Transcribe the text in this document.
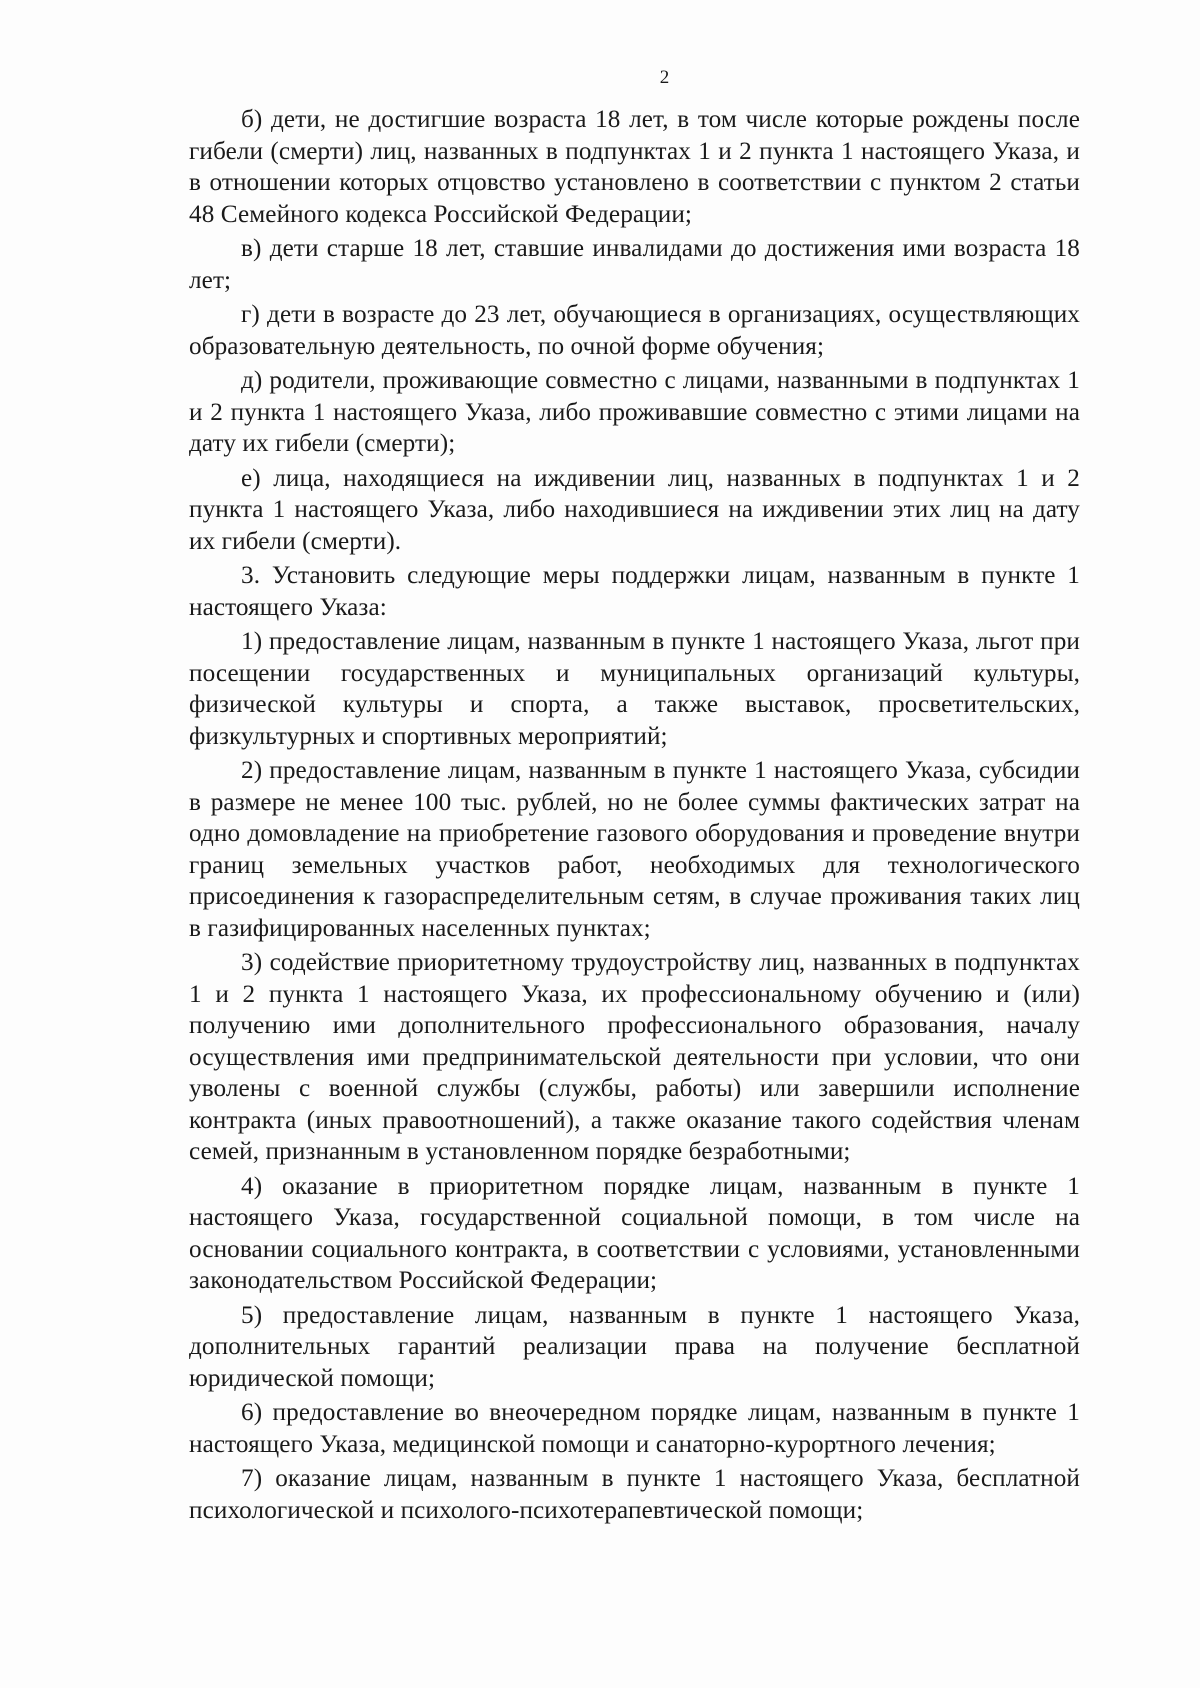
2

б) дети, не достигшие возраста 18 лет, в том числе которые рождены после гибели (смерти) лиц, названных в подпунктах 1 и 2 пункта 1 настоящего Указа, и в отношении которых отцовство установлено в соответствии с пунктом 2 статьи 48 Семейного кодекса Российской Федерации;

в) дети старше 18 лет, ставшие инвалидами до достижения ими возраста 18 лет;

г) дети в возрасте до 23 лет, обучающиеся в организациях, осуществляющих образовательную деятельность, по очной форме обучения;

д) родители, проживающие совместно с лицами, названными в подпунктах 1 и 2 пункта 1 настоящего Указа, либо проживавшие совместно с этими лицами на дату их гибели (смерти);

е) лица, находящиеся на иждивении лиц, названных в подпунктах 1 и 2 пункта 1 настоящего Указа, либо находившиеся на иждивении этих лиц на дату их гибели (смерти).

3. Установить следующие меры поддержки лицам, названным в пункте 1 настоящего Указа:

1) предоставление лицам, названным в пункте 1 настоящего Указа, льгот при посещении государственных и муниципальных организаций культуры, физической культуры и спорта, а также выставок, просветительских, физкультурных и спортивных мероприятий;

2) предоставление лицам, названным в пункте 1 настоящего Указа, субсидии в размере не менее 100 тыс. рублей, но не более суммы фактических затрат на одно домовладение на приобретение газового оборудования и проведение внутри границ земельных участков работ, необходимых для технологического присоединения к газораспределительным сетям, в случае проживания таких лиц в газифицированных населенных пунктах;

3) содействие приоритетному трудоустройству лиц, названных в подпунктах 1 и 2 пункта 1 настоящего Указа, их профессиональному обучению и (или) получению ими дополнительного профессионального образования, началу осуществления ими предпринимательской деятельности при условии, что они уволены с военной службы (службы, работы) или завершили исполнение контракта (иных правоотношений), а также оказание такого содействия членам семей, признанным в установленном порядке безработными;

4) оказание в приоритетном порядке лицам, названным в пункте 1 настоящего Указа, государственной социальной помощи, в том числе на основании социального контракта, в соответствии с условиями, установленными законодательством Российской Федерации;

5) предоставление лицам, названным в пункте 1 настоящего Указа, дополнительных гарантий реализации права на получение бесплатной юридической помощи;

6) предоставление во внеочередном порядке лицам, названным в пункте 1 настоящего Указа, медицинской помощи и санаторно-курортного лечения;

7) оказание лицам, названным в пункте 1 настоящего Указа, бесплатной психологической и психолого-психотерапевтической помощи;
